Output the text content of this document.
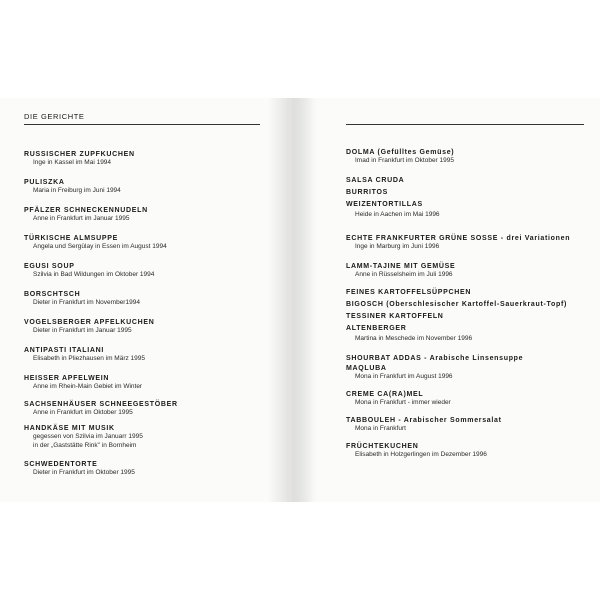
DIE GERICHTE
RUSSISCHER ZUPFKUCHEN
Inge in Kassel im Mai 1994
PULISZKA
Maria in Freiburg im Juni 1994
PFÄLZER SCHNECKENNUDELN
Anne in Frankfurt im Januar 1995
TÜRKISCHE ALMSUPPE
Angela und Sergülay in Essen im August 1994
EGUSI SOUP
Szilvia in Bad Wildungen im Oktober 1994
BORSCHTSCH
Dieter in Frankfurt im November1994
VOGELSBERGER APFELKUCHEN
Dieter in Frankfurt im Januar 1995
ANTIPASTI ITALIANI
Elisabeth in Pliezhausen im März 1995
HEISSER APFELWEIN
Anne im Rhein-Main Gebiet im Winter
SACHSENHÄUSER SCHNEEGESTÖBER
Anne in Frankfurt im Oktober 1995
HANDKÄSE MIT MUSIK
gegessen von Szilvia im Januarr 1995
in der „Gaststätte Rink" in Bornheim
SCHWEDENTORTE
Dieter in Frankfurt im Oktober 1995
DOLMA (Gefülltes Gemüse)
Imad in Frankfurt im Oktober 1995
SALSA CRUDA
BURRITOS
WEIZENTORTILLAS
Heide in Aachen im Mai 1996
ECHTE FRANKFURTER GRÜNE SOSSE - drei Variationen
Inge in Marburg im Juni 1996
LAMM-TAJINE MIT GEMÜSE
Anne in Rüsselsheim im Juli 1996
FEINES KARTOFFELSÜPPCHEN
BIGOSCH (Oberschlesischer Kartoffel-Sauerkraut-Topf)
TESSINER KARTOFFELN
ALTENBERGER
Martina in Meschede im November 1996
SHOURBAT ADDAS - Arabische Linsensuppe
MAQLUBA
Mona in Frankfurt im August 1996
CREME CA(RA)MEL
Mona in Frankfurt - immer wieder
TABBOULEH - Arabischer Sommersalat
Mona in Frankfurt
FRÜCHTEKUCHEN
Elisabeth in Holzgerlingen im Dezember 1996
